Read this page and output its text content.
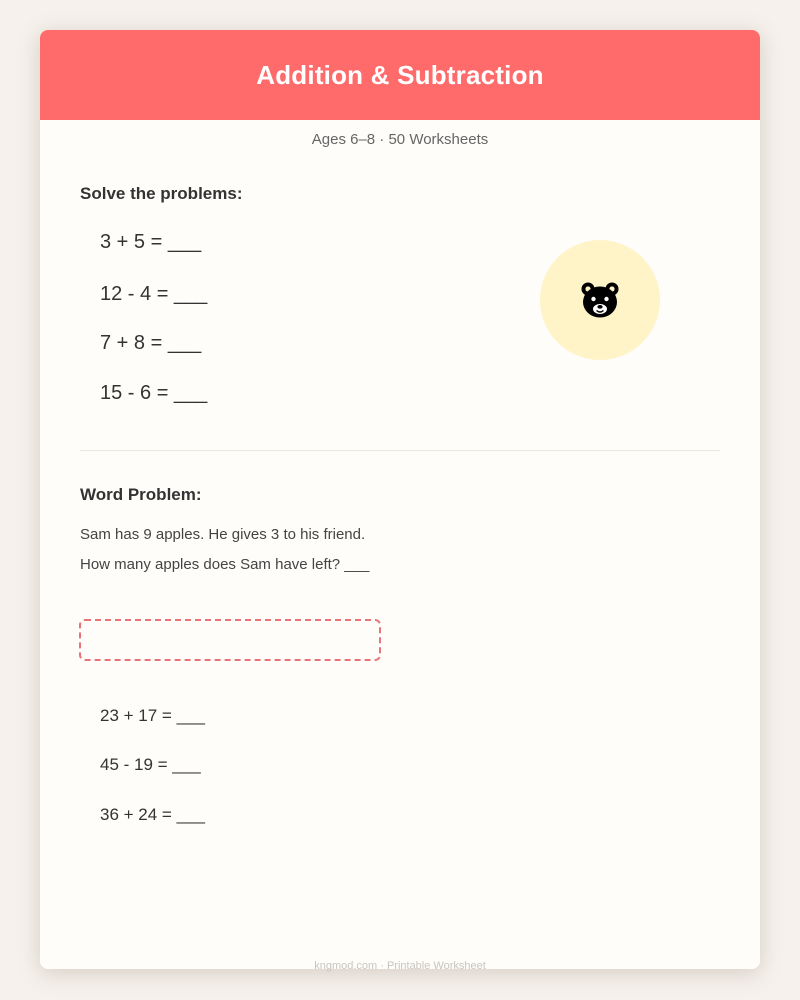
Addition & Subtraction
Ages 6–8 · 50 Worksheets
Solve the problems:
3 + 5 = ___
12 - 4 = ___
7 + 8 = ___
15 - 6 = ___
Word Problem:
Sam has 9 apples. He gives 3 to his friend.
How many apples does Sam have left? ___
23 + 17 = ___
45 - 19 = ___
36 + 24 = ___
kngmod.com · Printable Worksheet
